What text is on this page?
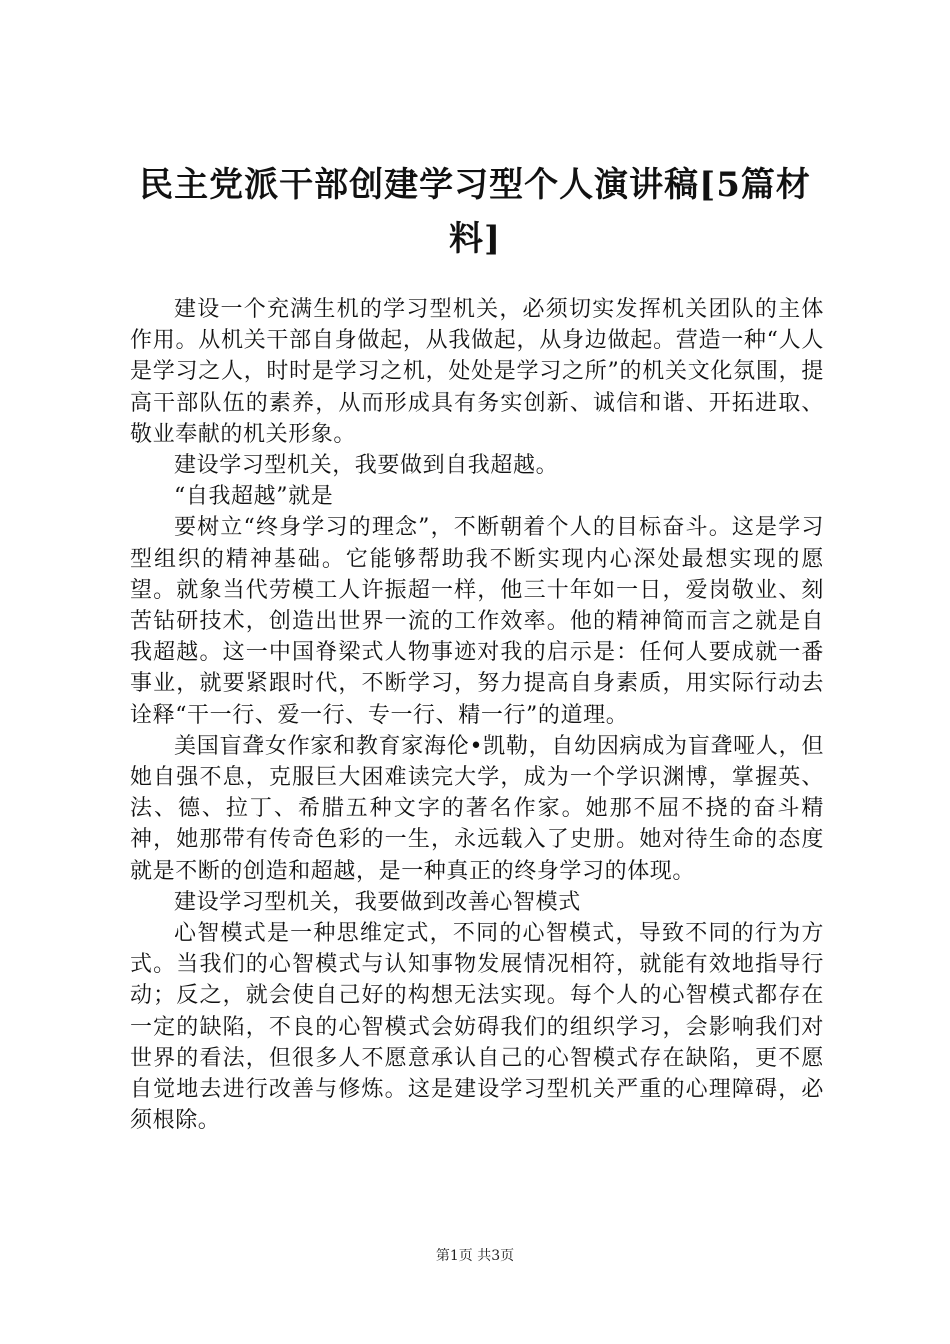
民主党派干部创建学习型个人演讲稿[5篇材料]

建设一个充满生机的学习型机关，必须切实发挥机关团队的主体作用。从机关干部自身做起，从我做起，从身边做起。营造一种“人人是学习之人，时时是学习之机，处处是学习之所”的机关文化氛围，提高干部队伍的素养，从而形成具有务实创新、诚信和谐、开拓进取、敬业奉献的机关形象。

建设学习型机关，我要做到自我超越。

“自我超越”就是

要树立“终身学习的理念”，不断朝着个人的目标奋斗。这是学习型组织的精神基础。它能够帮助我不断实现内心深处最想实现的愿望。就象当代劳模工人许振超一样，他三十年如一日，爱岗敬业、刻苦钻研技术，创造出世界一流的工作效率。他的精神简而言之就是自我超越。这一中国脊梁式人物事迹对我的启示是：任何人要成就一番事业，就要紧跟时代，不断学习，努力提高自身素质，用实际行动去诠释“干一行、爱一行、专一行、精一行”的道理。

美国盲聋女作家和教育家海伦•凯勒，自幼因病成为盲聋哑人，但她自强不息，克服巨大困难读完大学，成为一个学识渊博，掌握英、法、德、拉丁、希腊五种文字的著名作家。她那不屈不挠的奋斗精神，她那带有传奇色彩的一生，永远载入了史册。她对待生命的态度就是不断的创造和超越，是一种真正的终身学习的体现。

建设学习型机关，我要做到改善心智模式

心智模式是一种思维定式，不同的心智模式，导致不同的行为方式。当我们的心智模式与认知事物发展情况相符，就能有效地指导行动；反之，就会使自己好的构想无法实现。每个人的心智模式都存在一定的缺陷，不良的心智模式会妨碍我们的组织学习，会影响我们对世界的看法，但很多人不愿意承认自己的心智模式存在缺陷，更不愿自觉地去进行改善与修炼。这是建设学习型机关严重的心理障碍，必须根除。

第1页 共3页
